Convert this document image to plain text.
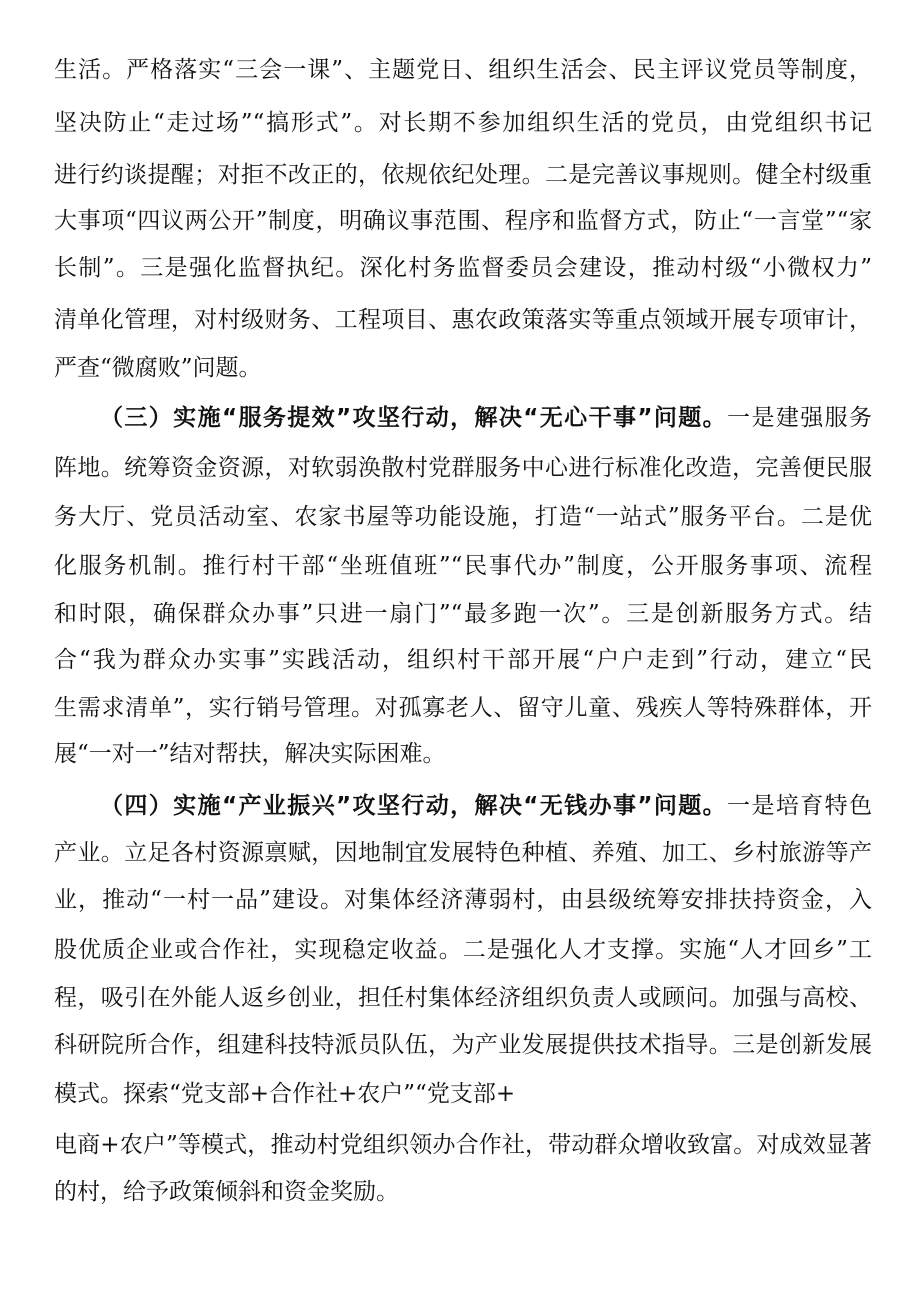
生活。严格落实“三会一课”、主题党日、组织生活会、民主评议党员等制度，

坚决防止“走过场”“搞形式”。对长期不参加组织生活的党员，由党组织书记

进行约谈提醒；对拒不改正的，依规依纪处理。二是完善议事规则。健全村级重

大事项“四议两公开”制度，明确议事范围、程序和监督方式，防止“一言堂”“家

长制”。三是强化监督执纪。深化村务监督委员会建设，推动村级“小微权力”

清单化管理，对村级财务、工程项目、惠农政策落实等重点领域开展专项审计，

严查“微腐败”问题。

（三）实施“服务提效”攻坚行动，解决“无心干事”问题。一是建强服务

阵地。统筹资金资源，对软弱涣散村党群服务中心进行标准化改造，完善便民服

务大厅、党员活动室、农家书屋等功能设施，打造“一站式”服务平台。二是优

化服务机制。推行村干部“坐班值班”“民事代办”制度，公开服务事项、流程

和时限，确保群众办事”只进一扇门”“最多跑一次”。三是创新服务方式。结

合“我为群众办实事”实践活动，组织村干部开展“户户走到”行动，建立“民

生需求清单”，实行销号管理。对孤寡老人、留守儿童、残疾人等特殊群体，开

展“一对一”结对帮扶，解决实际困难。

（四）实施“产业振兴”攻坚行动，解决“无钱办事”问题。一是培育特色

产业。立足各村资源禀赋，因地制宜发展特色种植、养殖、加工、乡村旅游等产

业，推动“一村一品”建设。对集体经济薄弱村，由县级统筹安排扶持资金，入

股优质企业或合作社，实现稳定收益。二是强化人才支撑。实施“人才回乡”工

程，吸引在外能人返乡创业，担任村集体经济组织负责人或顾问。加强与高校、

科研院所合作，组建科技特派员队伍，为产业发展提供技术指导。三是创新发展

模式。探索“党支部+合作社+农户”“党支部+

电商+农户”等模式，推动村党组织领办合作社，带动群众增收致富。对成效显著

的村，给予政策倾斜和资金奖励。
